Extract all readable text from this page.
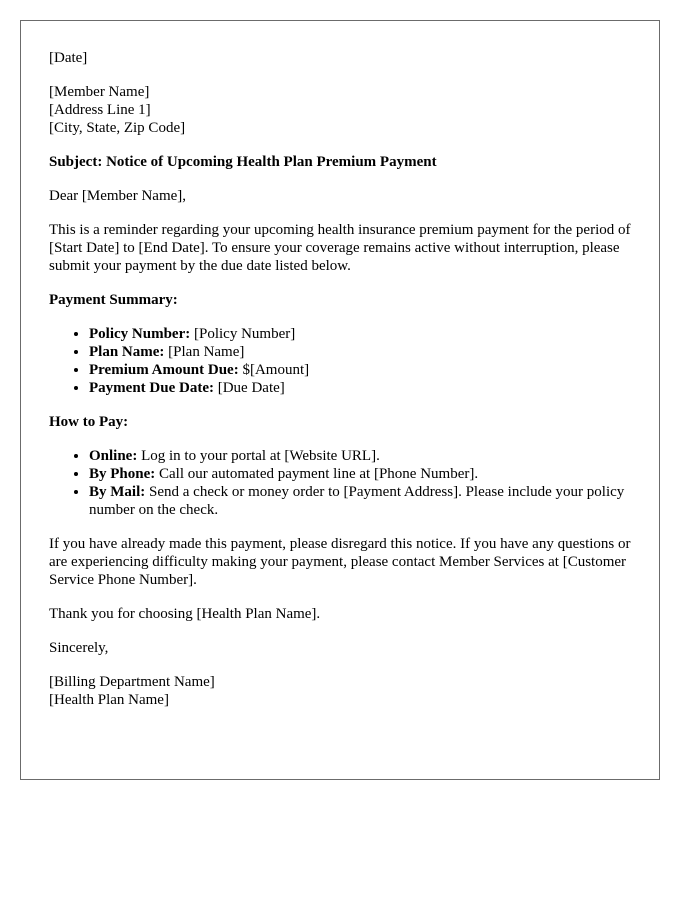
[Date]
[Member Name]
[Address Line 1]
[City, State, Zip Code]
Subject: Notice of Upcoming Health Plan Premium Payment
Dear [Member Name],
This is a reminder regarding your upcoming health insurance premium payment for the period of [Start Date] to [End Date]. To ensure your coverage remains active without interruption, please submit your payment by the due date listed below.
Payment Summary:
• Policy Number: [Policy Number]
• Plan Name: [Plan Name]
• Premium Amount Due: $[Amount]
• Payment Due Date: [Due Date]
How to Pay:
• Online: Log in to your portal at [Website URL].
• By Phone: Call our automated payment line at [Phone Number].
• By Mail: Send a check or money order to [Payment Address]. Please include your policy number on the check.
If you have already made this payment, please disregard this notice. If you have any questions or are experiencing difficulty making your payment, please contact Member Services at [Customer Service Phone Number].
Thank you for choosing [Health Plan Name].
Sincerely,
[Billing Department Name]
[Health Plan Name]
